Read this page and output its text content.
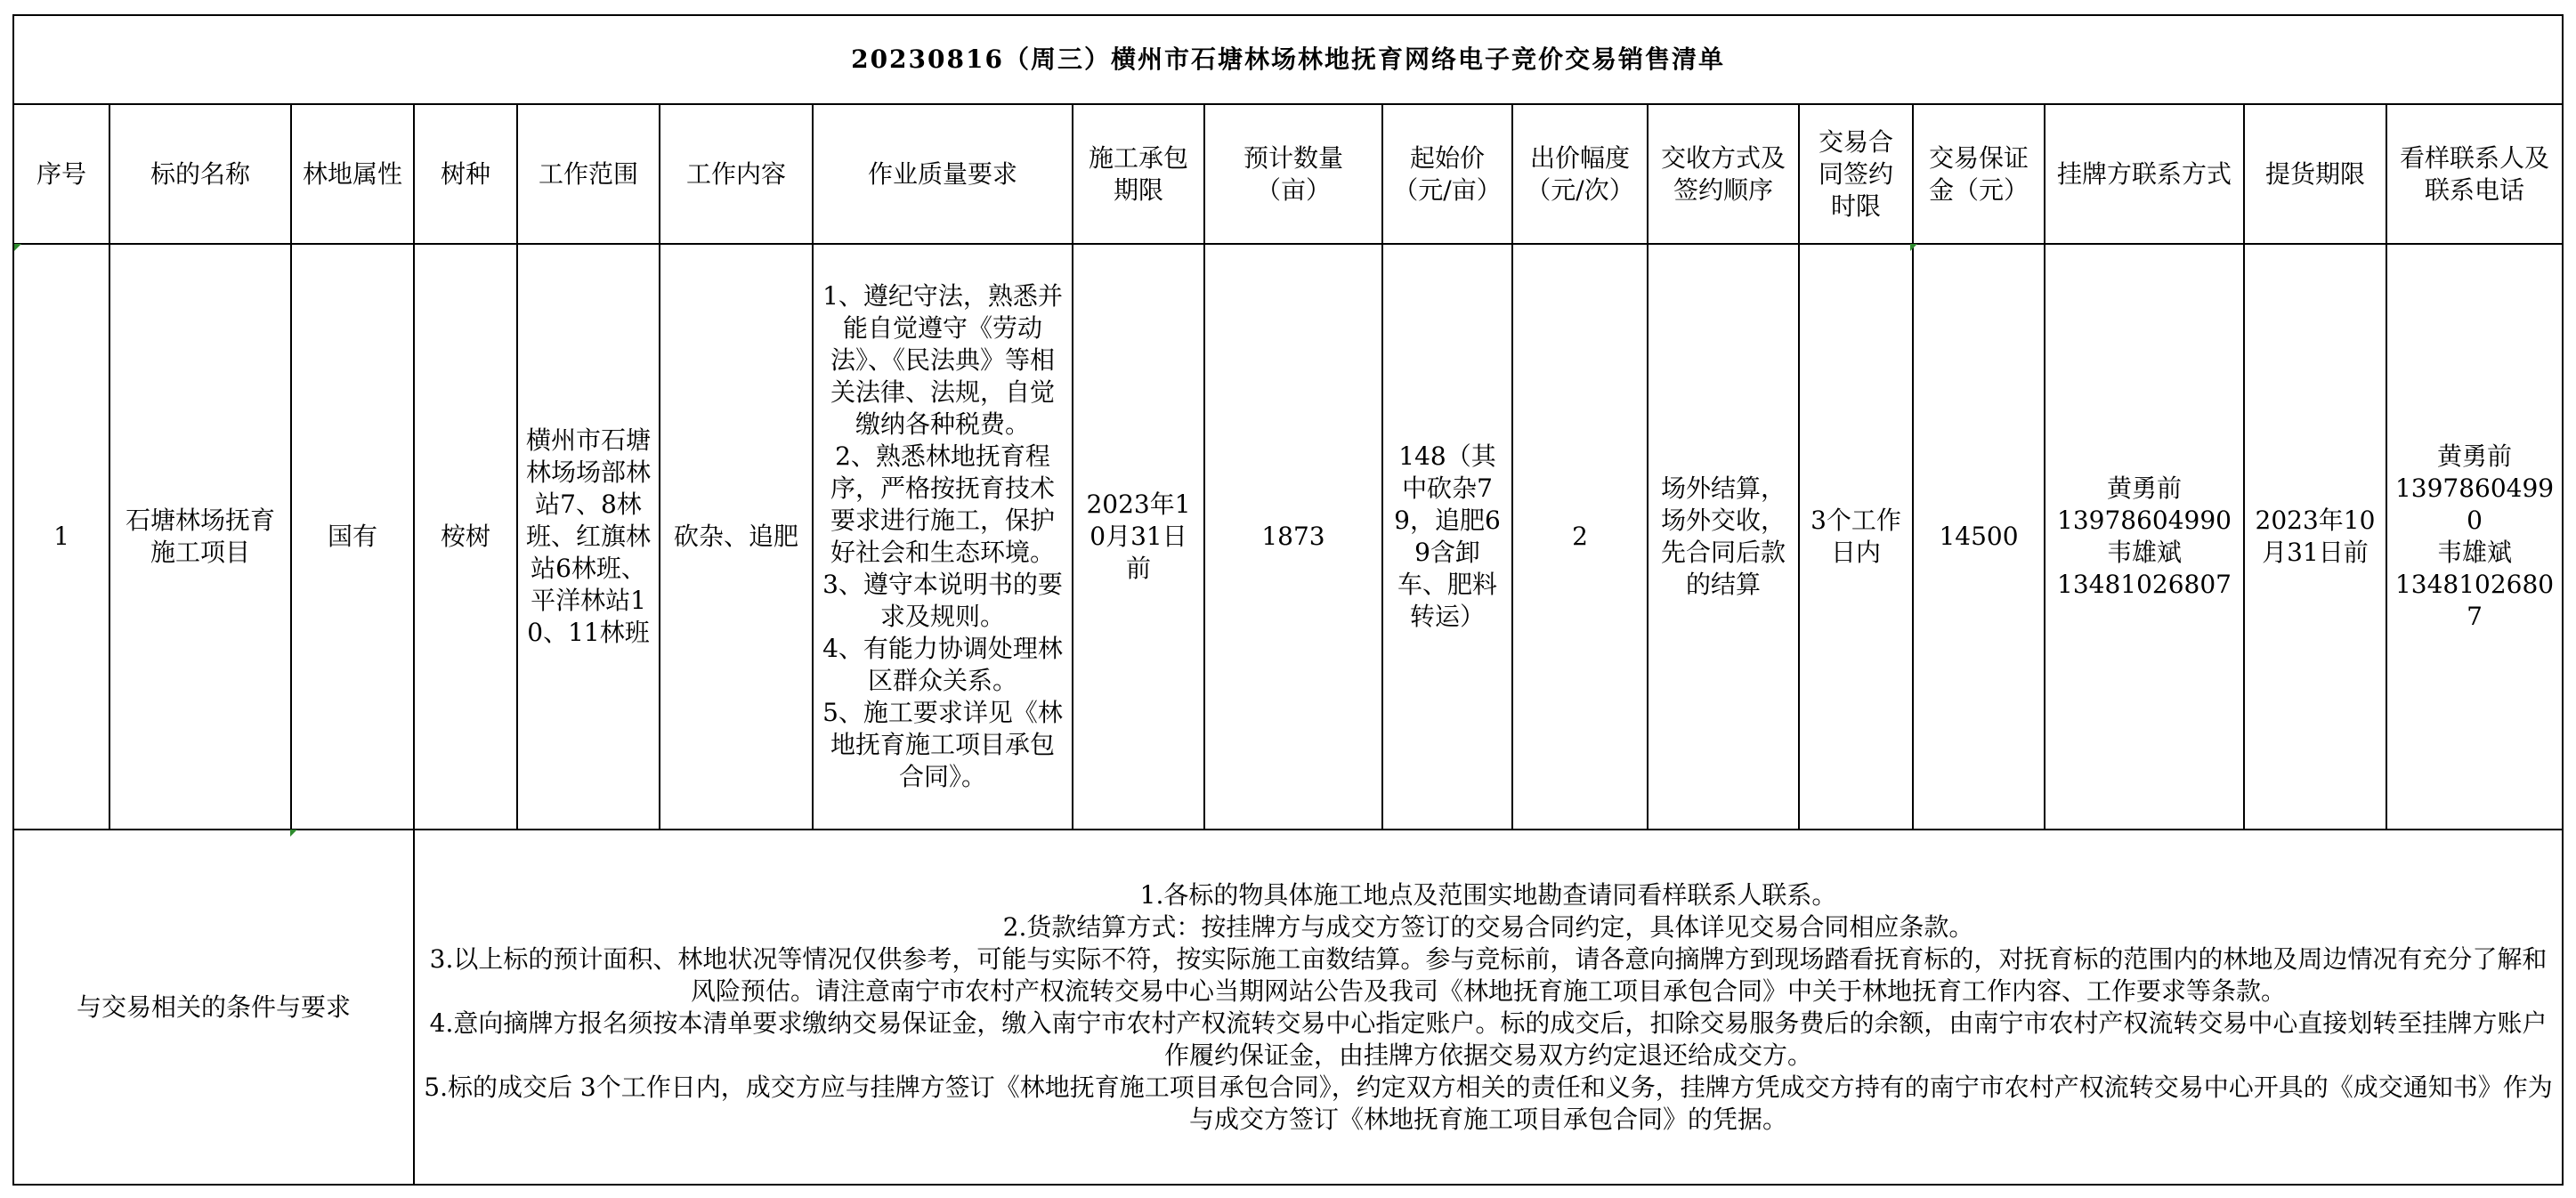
20230816（周三）横州市石塘林场林地抚育网络电子竞价交易销售清单																
序号	标的名称	林地属性	树种	工作范围	工作内容	作业质量要求	施工承包期限	预计数量（亩）	起始价（元/亩）	出价幅度（元/次）	交收方式及签约顺序	交易合同签约时限	交易保证金（元）	挂牌方联系方式	提货期限	看样联系人及联系电话
1	石塘林场抚育施工项目	国有	桉树	横州市石塘林场场部林站7、8林班、红旗林站6林班、平洋林站10、11林班	砍杂、追肥	1、遵纪守法，熟悉并能自觉遵守《劳动法》、《民法典》等相关法律、法规，自觉缴纳各种税费。
2、熟悉林地抚育程序，严格按抚育技术要求进行施工，保护好社会和生态环境。
3、遵守本说明书的要求及规则。
4、有能力协调处理林区群众关系。
5、施工要求详见《林地抚育施工项目承包合同》。	2023年10月31日前	1873	148（其中砍杂79，追肥69含卸车、肥料转运）	2	场外结算，场外交收，先合同后款的结算	3个工作日内	14500	黄勇前
13978604990
韦雄斌
13481026807	2023年10月31日前	黄勇前
13978604990
韦雄斌
13481026807

与交易相关的条件与要求			1.各标的物具体施工地点及范围实地勘查请同看样联系人联系。
2.货款结算方式：按挂牌方与成交方签订的交易合同约定，具体详见交易合同相应条款。
3.以上标的预计面积、林地状况等情况仅供参考，可能与实际不符，按实际施工亩数结算。参与竞标前，请各意向摘牌方到现场踏看抚育标的，对抚育标的范围内的林地及周边情况有充分了解和风险预估。请注意南宁市农村产权流转交易中心当期网站公告及我司《林地抚育施工项目承包合同》中关于林地抚育工作内容、工作要求等条款。
4.意向摘牌方报名须按本清单要求缴纳交易保证金，缴入南宁市农村产权流转交易中心指定账户。标的成交后，扣除交易服务费后的余额，由南宁市农村产权流转交易中心直接划转至挂牌方账户作履约保证金，由挂牌方依据交易双方约定退还给成交方。
5.标的成交后 3个工作日内，成交方应与挂牌方签订《林地抚育施工项目承包合同》，约定双方相关的责任和义务，挂牌方凭成交方持有的南宁市农村产权流转交易中心开具的《成交通知书》作为与成交方签订《林地抚育施工项目承包合同》的凭据。													
